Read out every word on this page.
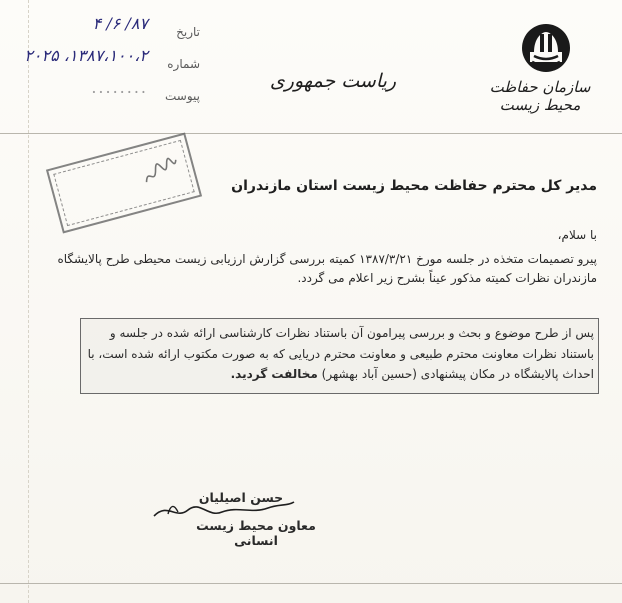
سازمان حفاظت محیط زیست
ریاست جمهوری
تاریخ
شماره
پیوست
۸۷/ ۶/ ۴
۱۳۸۷،۱۰۰،۲، ۲۰۲۵
........
مدیر کل محترم حفاظت محیط زیست استان مازندران
با سلام،
پیرو تصمیمات متخذه در جلسه مورخ ۱۳۸۷/۳/۲۱ کمیته بررسی گزارش ارزیابی زیست محیطی طرح پالایشگاه مازندران نظرات کمیته مذکور عیناً بشرح زیر اعلام می گردد.
پس از طرح موضوع و بحث و بررسی پیرامون آن باستناد نظرات کارشناسی ارائه شده در جلسه و باستناد نظرات معاونت محترم طبیعی و معاونت محترم دریایی که به صورت مکتوب ارائه شده است، با احداث پالایشگاه در مکان پیشنهادی (حسین آباد بهشهر) مخالفت گردید.
حسن اصیلیان
معاون محیط زیست انسانی
